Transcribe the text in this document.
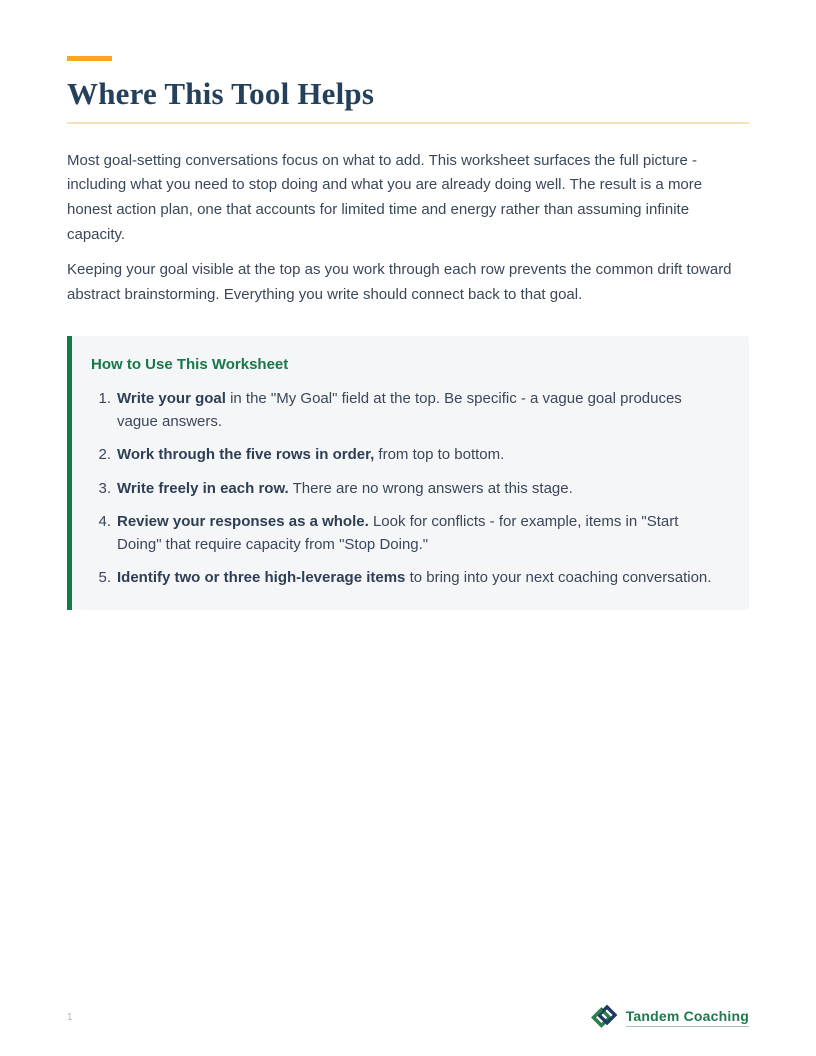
Where This Tool Helps

Most goal-setting conversations focus on what to add. This worksheet surfaces the full picture - including what you need to stop doing and what you are already doing well. The result is a more honest action plan, one that accounts for limited time and energy rather than assuming infinite capacity.

Keeping your goal visible at the top as you work through each row prevents the common drift toward abstract brainstorming. Everything you write should connect back to that goal.

How to Use This Worksheet
1. Write your goal in the "My Goal" field at the top. Be specific - a vague goal produces vague answers.
2. Work through the five rows in order, from top to bottom.
3. Write freely in each row. There are no wrong answers at this stage.
4. Review your responses as a whole. Look for conflicts - for example, items in "Start Doing" that require capacity from "Stop Doing."
5. Identify two or three high-leverage items to bring into your next coaching conversation.
1	Tandem Coaching
